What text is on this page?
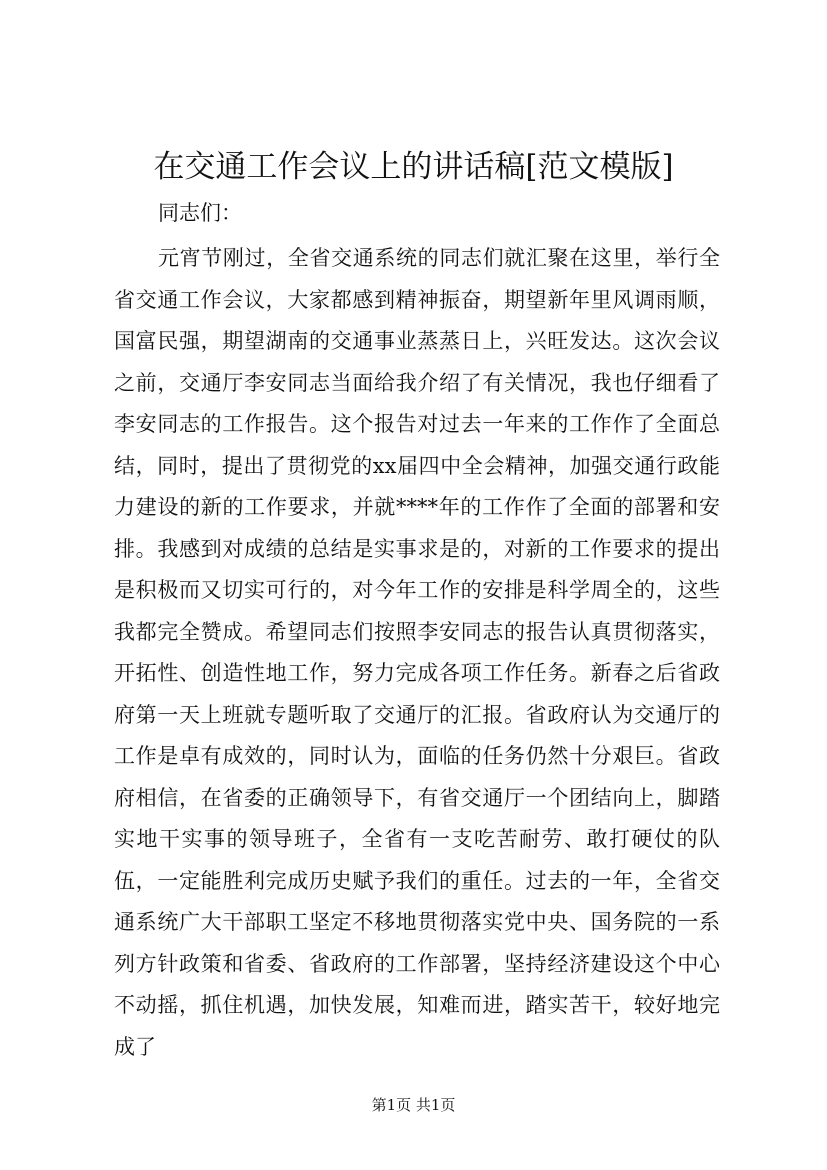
在交通工作会议上的讲话稿[范文模版]

同志们：

元宵节刚过，全省交通系统的同志们就汇聚在这里，举行全省交通工作会议，大家都感到精神振奋，期望新年里风调雨顺，国富民强，期望湖南的交通事业蒸蒸日上，兴旺发达。这次会议之前，交通厅李安同志当面给我介绍了有关情况，我也仔细看了李安同志的工作报告。这个报告对过去一年来的工作作了全面总结，同时，提出了贯彻党的xx届四中全会精神，加强交通行政能力建设的新的工作要求，并就****年的工作作了全面的部署和安排。我感到对成绩的总结是实事求是的，对新的工作要求的提出是积极而又切实可行的，对今年工作的安排是科学周全的，这些我都完全赞成。希望同志们按照李安同志的报告认真贯彻落实，开拓性、创造性地工作，努力完成各项工作任务。新春之后省政府第一天上班就专题听取了交通厅的汇报。省政府认为交通厅的工作是卓有成效的，同时认为，面临的任务仍然十分艰巨。省政府相信，在省委的正确领导下，有省交通厅一个团结向上，脚踏实地干实事的领导班子，全省有一支吃苦耐劳、敢打硬仗的队伍，一定能胜利完成历史赋予我们的重任。过去的一年，全省交通系统广大干部职工坚定不移地贯彻落实党中央、国务院的一系列方针政策和省委、省政府的工作部署，坚持经济建设这个中心不动摇，抓住机遇，加快发展，知难而进，踏实苦干，较好地完成了

第1页 共1页
